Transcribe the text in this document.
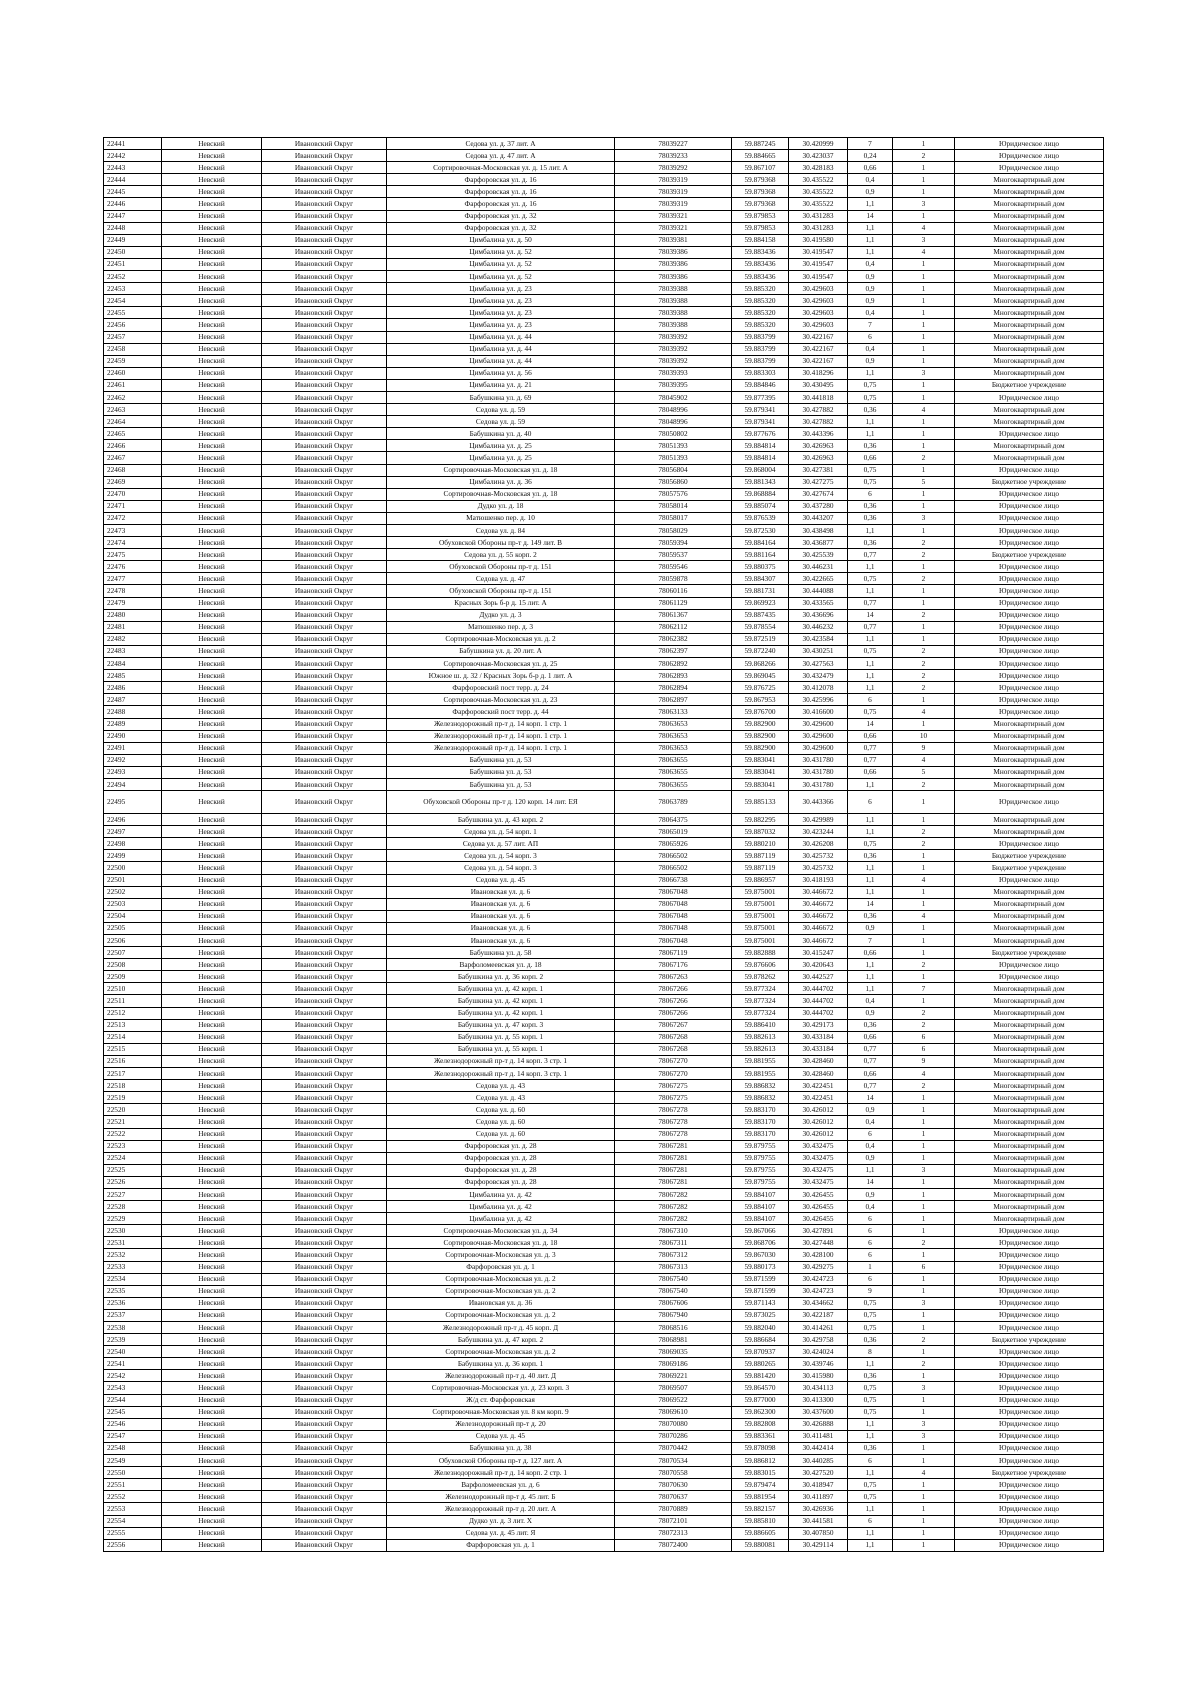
22441	Невский	Ивановский Округ	Седова ул. д. 37 лит. А	78039227	59.887245	30.420999	7	1	Юридическое лицо
22442	Невский	Ивановский Округ	Седова ул. д. 47 лит. А	78039233	59.884665	30.423037	0,24	2	Юридическое лицо
22443	Невский	Ивановский Округ	Сортировочная-Московская ул. д. 15 лит. А	78039292	59.867107	30.428183	0,66	1	Юридическое лицо
22444	Невский	Ивановский Округ	Фарфоровская ул. д. 16	78039319	59.879368	30.435522	0,4	1	Многоквартирный дом
22445	Невский	Ивановский Округ	Фарфоровская ул. д. 16	78039319	59.879368	30.435522	0,9	1	Многоквартирный дом
22446	Невский	Ивановский Округ	Фарфоровская ул. д. 16	78039319	59.879368	30.435522	1,1	3	Многоквартирный дом
22447	Невский	Ивановский Округ	Фарфоровская ул. д. 32	78039321	59.879853	30.431283	14	1	Многоквартирный дом
22448	Невский	Ивановский Округ	Фарфоровская ул. д. 32	78039321	59.879853	30.431283	1,1	4	Многоквартирный дом
22449	Невский	Ивановский Округ	Цимбалина ул. д. 50	78039381	59.884158	30.419580	1,1	3	Многоквартирный дом
22450	Невский	Ивановский Округ	Цимбалина ул. д. 52	78039386	59.883436	30.419547	1,1	4	Многоквартирный дом
22451	Невский	Ивановский Округ	Цимбалина ул. д. 52	78039386	59.883436	30.419547	0,4	1	Многоквартирный дом
22452	Невский	Ивановский Округ	Цимбалина ул. д. 52	78039386	59.883436	30.419547	0,9	1	Многоквартирный дом
22453	Невский	Ивановский Округ	Цимбалина ул. д. 23	78039388	59.885320	30.429603	0,9	1	Многоквартирный дом
22454	Невский	Ивановский Округ	Цимбалина ул. д. 23	78039388	59.885320	30.429603	0,9	1	Многоквартирный дом
22455	Невский	Ивановский Округ	Цимбалина ул. д. 23	78039388	59.885320	30.429603	0,4	1	Многоквартирный дом
22456	Невский	Ивановский Округ	Цимбалина ул. д. 23	78039388	59.885320	30.429603	7	1	Многоквартирный дом
22457	Невский	Ивановский Округ	Цимбалина ул. д. 44	78039392	59.883799	30.422167	6	1	Многоквартирный дом
22458	Невский	Ивановский Округ	Цимбалина ул. д. 44	78039392	59.883799	30.422167	0,4	1	Многоквартирный дом
22459	Невский	Ивановский Округ	Цимбалина ул. д. 44	78039392	59.883799	30.422167	0,9	1	Многоквартирный дом
22460	Невский	Ивановский Округ	Цимбалина ул. д. 56	78039393	59.883303	30.418296	1,1	3	Многоквартирный дом
22461	Невский	Ивановский Округ	Цимбалина ул. д. 21	78039395	59.884846	30.430495	0,75	1	Бюджетное учреждение
22462	Невский	Ивановский Округ	Бабушкина ул. д. 69	78045902	59.877395	30.441818	0,75	1	Юридическое лицо
22463	Невский	Ивановский Округ	Седова ул. д. 59	78048996	59.879341	30.427882	0,36	4	Многоквартирный дом
22464	Невский	Ивановский Округ	Седова ул. д. 59	78048996	59.879341	30.427882	1,1	1	Многоквартирный дом
22465	Невский	Ивановский Округ	Бабушкина ул. д. 40	78050802	59.877676	30.443396	1,1	1	Юридическое лицо
22466	Невский	Ивановский Округ	Цимбалина ул. д. 25	78051393	59.884814	30.426963	0,36	1	Многоквартирный дом
22467	Невский	Ивановский Округ	Цимбалина ул. д. 25	78051393	59.884814	30.426963	0,66	2	Многоквартирный дом
22468	Невский	Ивановский Округ	Сортировочная-Московская ул. д. 18	78056804	59.868004	30.427381	0,75	1	Юридическое лицо
22469	Невский	Ивановский Округ	Цимбалина ул. д. 36	78056860	59.881343	30.427275	0,75	5	Бюджетное учреждение
22470	Невский	Ивановский Округ	Сортировочная-Московская ул. д. 18	78057576	59.868884	30.427674	6	1	Юридическое лицо
22471	Невский	Ивановский Округ	Дудко ул. д. 18	78058014	59.885074	30.437280	0,36	1	Юридическое лицо
22472	Невский	Ивановский Округ	Матюшенко пер. д. 10	78058017	59.876539	30.443207	0,36	3	Юридическое лицо
22473	Невский	Ивановский Округ	Седова ул. д. 84	78058029	59.872530	30.438498	1,1	1	Юридическое лицо
22474	Невский	Ивановский Округ	Обуховской Обороны пр-т д. 149 лит. В	78059394	59.884164	30.436877	0,36	2	Юридическое лицо
22475	Невский	Ивановский Округ	Седова ул. д. 55 корп. 2	78059537	59.881164	30.425539	0,77	2	Бюджетное учреждение
22476	Невский	Ивановский Округ	Обуховской Обороны пр-т д. 151	78059546	59.880375	30.446231	1,1	1	Юридическое лицо
22477	Невский	Ивановский Округ	Седова ул. д. 47	78059878	59.884307	30.422665	0,75	2	Юридическое лицо
22478	Невский	Ивановский Округ	Обуховской Обороны пр-т д. 151	78060116	59.881731	30.444088	1,1	1	Юридическое лицо
22479	Невский	Ивановский Округ	Красных Зорь б-р д. 15 лит. А	78061129	59.869923	30.433565	0,77	1	Юридическое лицо
22480	Невский	Ивановский Округ	Дудко ул. д. 3	78061367	59.887435	30.436696	14	2	Юридическое лицо
22481	Невский	Ивановский Округ	Матюшенко пер. д. 3	78062112	59.878554	30.446232	0,77	1	Юридическое лицо
22482	Невский	Ивановский Округ	Сортировочная-Московская ул. д. 2	78062382	59.872519	30.423584	1,1	1	Юридическое лицо
22483	Невский	Ивановский Округ	Бабушкина ул. д. 20 лит. А	78062397	59.872240	30.430251	0,75	2	Юридическое лицо
22484	Невский	Ивановский Округ	Сортировочная-Московская ул. д. 25	78062892	59.868266	30.427563	1,1	2	Юридическое лицо
22485	Невский	Ивановский Округ	Южное ш. д. 32 / Красных Зорь б-р д. 1 лит. А	78062893	59.869045	30.432479	1,1	2	Юридическое лицо
22486	Невский	Ивановский Округ	Фарфоровский пост терр. д. 24	78062894	59.876725	30.412078	1,1	2	Юридическое лицо
22487	Невский	Ивановский Округ	Сортировочная-Московская ул. д. 23	78062897	59.867953	30.425996	6	1	Юридическое лицо
22488	Невский	Ивановский Округ	Фарфоровский пост терр. д. 44	78063133	59.876700	30.416600	0,75	4	Юридическое лицо
22489	Невский	Ивановский Округ	Железнодорожный пр-т д. 14 корп. 1 стр. 1	78063653	59.882900	30.429600	14	1	Многоквартирный дом
22490	Невский	Ивановский Округ	Железнодорожный пр-т д. 14 корп. 1 стр. 1	78063653	59.882900	30.429600	0,66	10	Многоквартирный дом
22491	Невский	Ивановский Округ	Железнодорожный пр-т д. 14 корп. 1 стр. 1	78063653	59.882900	30.429600	0,77	9	Многоквартирный дом
22492	Невский	Ивановский Округ	Бабушкина ул. д. 53	78063655	59.883041	30.431780	0,77	4	Многоквартирный дом
22493	Невский	Ивановский Округ	Бабушкина ул. д. 53	78063655	59.883041	30.431780	0,66	5	Многоквартирный дом
22494	Невский	Ивановский Округ	Бабушкина ул. д. 53	78063655	59.883041	30.431780	1,1	2	Многоквартирный дом
22495	Невский	Ивановский Округ	Обуховской Обороны пр-т д. 120 корп. 14 лит. ЕЯ	78063789	59.885133	30.443366	6	1	Юридическое лицо
22496	Невский	Ивановский Округ	Бабушкина ул. д. 43 корп. 2	78064375	59.882295	30.429989	1,1	1	Многоквартирный дом
22497	Невский	Ивановский Округ	Седова ул. д. 54 корп. 1	78065019	59.887032	30.423244	1,1	2	Многоквартирный дом
22498	Невский	Ивановский Округ	Седова ул. д. 57 лит. АП	78065926	59.880210	30.426208	0,75	2	Юридическое лицо
22499	Невский	Ивановский Округ	Седова ул. д. 54 корп. 3	78066502	59.887119	30.425732	0,36	1	Бюджетное учреждение
22500	Невский	Ивановский Округ	Седова ул. д. 54 корп. 3	78066502	59.887119	30.425732	1,1	1	Бюджетное учреждение
22501	Невский	Ивановский Округ	Седова ул. д. 45	78066738	59.886957	30.418193	1,1	4	Юридическое лицо
22502	Невский	Ивановский Округ	Ивановская ул. д. 6	78067048	59.875001	30.446672	1,1	1	Многоквартирный дом
22503	Невский	Ивановский Округ	Ивановская ул. д. 6	78067048	59.875001	30.446672	14	1	Многоквартирный дом
22504	Невский	Ивановский Округ	Ивановская ул. д. 6	78067048	59.875001	30.446672	0,36	4	Многоквартирный дом
22505	Невский	Ивановский Округ	Ивановская ул. д. 6	78067048	59.875001	30.446672	0,9	1	Многоквартирный дом
22506	Невский	Ивановский Округ	Ивановская ул. д. 6	78067048	59.875001	30.446672	7	1	Многоквартирный дом
22507	Невский	Ивановский Округ	Бабушкина ул. д. 58	78067119	59.882888	30.415247	0,66	1	Бюджетное учреждение
22508	Невский	Ивановский Округ	Варфоломеевская ул. д. 18	78067176	59.876606	30.420643	1,1	2	Юридическое лицо
22509	Невский	Ивановский Округ	Бабушкина ул. д. 36 корп. 2	78067263	59.878262	30.442527	1,1	1	Юридическое лицо
22510	Невский	Ивановский Округ	Бабушкина ул. д. 42 корп. 1	78067266	59.877324	30.444702	1,1	7	Многоквартирный дом
22511	Невский	Ивановский Округ	Бабушкина ул. д. 42 корп. 1	78067266	59.877324	30.444702	0,4	1	Многоквартирный дом
22512	Невский	Ивановский Округ	Бабушкина ул. д. 42 корп. 1	78067266	59.877324	30.444702	0,9	2	Многоквартирный дом
22513	Невский	Ивановский Округ	Бабушкина ул. д. 47 корп. 3	78067267	59.886410	30.429173	0,36	2	Многоквартирный дом
22514	Невский	Ивановский Округ	Бабушкина ул. д. 55 корп. 1	78067268	59.882613	30.433184	0,66	6	Многоквартирный дом
22515	Невский	Ивановский Округ	Бабушкина ул. д. 55 корп. 1	78067268	59.882613	30.433184	0,77	6	Многоквартирный дом
22516	Невский	Ивановский Округ	Железнодорожный пр-т д. 14 корп. 3 стр. 1	78067270	59.881955	30.428460	0,77	9	Многоквартирный дом
22517	Невский	Ивановский Округ	Железнодорожный пр-т д. 14 корп. 3 стр. 1	78067270	59.881955	30.428460	0,66	4	Многоквартирный дом
22518	Невский	Ивановский Округ	Седова ул. д. 43	78067275	59.886832	30.422451	0,77	2	Многоквартирный дом
22519	Невский	Ивановский Округ	Седова ул. д. 43	78067275	59.886832	30.422451	14	1	Многоквартирный дом
22520	Невский	Ивановский Округ	Седова ул. д. 60	78067278	59.883170	30.426012	0,9	1	Многоквартирный дом
22521	Невский	Ивановский Округ	Седова ул. д. 60	78067278	59.883170	30.426012	0,4	1	Многоквартирный дом
22522	Невский	Ивановский Округ	Седова ул. д. 60	78067278	59.883170	30.426012	6	1	Многоквартирный дом
22523	Невский	Ивановский Округ	Фарфоровская ул. д. 28	78067281	59.879755	30.432475	0,4	1	Многоквартирный дом
22524	Невский	Ивановский Округ	Фарфоровская ул. д. 28	78067281	59.879755	30.432475	0,9	1	Многоквартирный дом
22525	Невский	Ивановский Округ	Фарфоровская ул. д. 28	78067281	59.879755	30.432475	1,1	3	Многоквартирный дом
22526	Невский	Ивановский Округ	Фарфоровская ул. д. 28	78067281	59.879755	30.432475	14	1	Многоквартирный дом
22527	Невский	Ивановский Округ	Цимбалина ул. д. 42	78067282	59.884107	30.426455	0,9	1	Многоквартирный дом
22528	Невский	Ивановский Округ	Цимбалина ул. д. 42	78067282	59.884107	30.426455	0,4	1	Многоквартирный дом
22529	Невский	Ивановский Округ	Цимбалина ул. д. 42	78067282	59.884107	30.426455	6	1	Многоквартирный дом
22530	Невский	Ивановский Округ	Сортировочная-Московская ул. д. 34	78067310	59.867066	30.427891	6	1	Юридическое лицо
22531	Невский	Ивановский Округ	Сортировочная-Московская ул. д. 18	78067311	59.868706	30.427448	6	2	Юридическое лицо
22532	Невский	Ивановский Округ	Сортировочная-Московская ул. д. 3	78067312	59.867030	30.428100	6	1	Юридическое лицо
22533	Невский	Ивановский Округ	Фарфоровская ул. д. 1	78067313	59.880173	30.429275	1	6	Юридическое лицо
22534	Невский	Ивановский Округ	Сортировочная-Московская ул. д. 2	78067540	59.871599	30.424723	6	1	Юридическое лицо
22535	Невский	Ивановский Округ	Сортировочная-Московская ул. д. 2	78067540	59.871599	30.424723	9	1	Юридическое лицо
22536	Невский	Ивановский Округ	Ивановская ул. д. 36	78067606	59.871143	30.434662	0,75	3	Юридическое лицо
22537	Невский	Ивановский Округ	Сортировочная-Московская ул. д. 2	78067940	59.873025	30.422187	0,75	1	Юридическое лицо
22538	Невский	Ивановский Округ	Железнодорожный пр-т д. 45 корп. Д	78068516	59.882040	30.414261	0,75	1	Юридическое лицо
22539	Невский	Ивановский Округ	Бабушкина ул. д. 47 корп. 2	78068981	59.886684	30.429758	0,36	2	Бюджетное учреждение
22540	Невский	Ивановский Округ	Сортировочная-Московская ул. д. 2	78069035	59.870937	30.424024	8	1	Юридическое лицо
22541	Невский	Ивановский Округ	Бабушкина ул. д. 36 корп. 1	78069186	59.880265	30.439746	1,1	2	Юридическое лицо
22542	Невский	Ивановский Округ	Железнодорожный пр-т д. 40 лит. Д	78069221	59.881420	30.415980	0,36	1	Юридическое лицо
22543	Невский	Ивановский Округ	Сортировочная-Московская ул. д. 23 корп. 3	78069507	59.864570	30.434113	0,75	3	Юридическое лицо
22544	Невский	Ивановский Округ	Ж/д ст. Фарфоровская	78069522	59.877000	30.413300	0,75	1	Юридическое лицо
22545	Невский	Ивановский Округ	Сортировочная-Московская ул. 8 км корп. 9	78069610	59.862300	30.437600	0,75	1	Юридическое лицо
22546	Невский	Ивановский Округ	Железнодорожный пр-т д. 20	78070080	59.882808	30.426888	1,1	3	Юридическое лицо
22547	Невский	Ивановский Округ	Седова ул. д. 45	78070286	59.883361	30.411481	1,1	3	Юридическое лицо
22548	Невский	Ивановский Округ	Бабушкина ул. д. 38	78070442	59.878098	30.442414	0,36	1	Юридическое лицо
22549	Невский	Ивановский Округ	Обуховской Обороны пр-т д. 127 лит. А	78070534	59.886812	30.440285	6	1	Юридическое лицо
22550	Невский	Ивановский Округ	Железнодорожный пр-т д. 14 корп. 2 стр. 1	78070558	59.883015	30.427520	1,1	4	Бюджетное учреждение
22551	Невский	Ивановский Округ	Варфоломеевская ул. д. 6	78070630	59.879474	30.418947	0,75	1	Юридическое лицо
22552	Невский	Ивановский Округ	Железнодорожный пр-т д. 45 лит. Б	78070637	59.881954	30.411897	0,75	1	Юридическое лицо
22553	Невский	Ивановский Округ	Железнодорожный пр-т д. 20 лит. А	78070889	59.882157	30.426936	1,1	1	Юридическое лицо
22554	Невский	Ивановский Округ	Дудко ул. д. 3 лит. Х	78072101	59.885810	30.441581	6	1	Юридическое лицо
22555	Невский	Ивановский Округ	Седова ул. д. 45 лит. Я	78072313	59.886605	30.407850	1,1	1	Юридическое лицо
22556	Невский	Ивановский Округ	Фарфоровская ул. д. 1	78072400	59.880081	30.429114	1,1	1	Юридическое лицо
